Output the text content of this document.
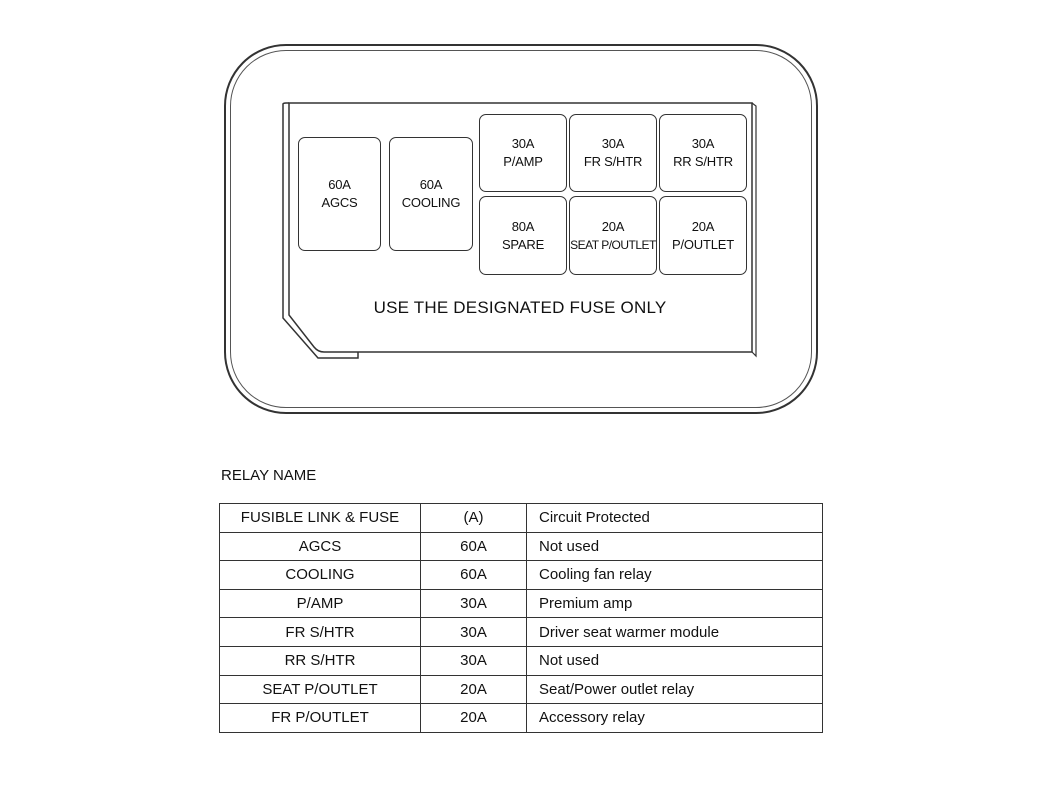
60A
AGCS
60A
COOLING
30A
P/AMP
30A
FR S/HTR
30A
RR S/HTR
80A
SPARE
20A
SEAT P/OUTLET
20A
P/OUTLET
USE THE DESIGNATED FUSE ONLY
RELAY NAME
FUSIBLE LINK & FUSE	(A)	Circuit Protected
AGCS	60A	Not used
COOLING	60A	Cooling fan relay
P/AMP	30A	Premium amp
FR S/HTR	30A	Driver seat warmer module
RR S/HTR	30A	Not used
SEAT P/OUTLET	20A	Seat/Power outlet relay
FR P/OUTLET	20A	Accessory relay
